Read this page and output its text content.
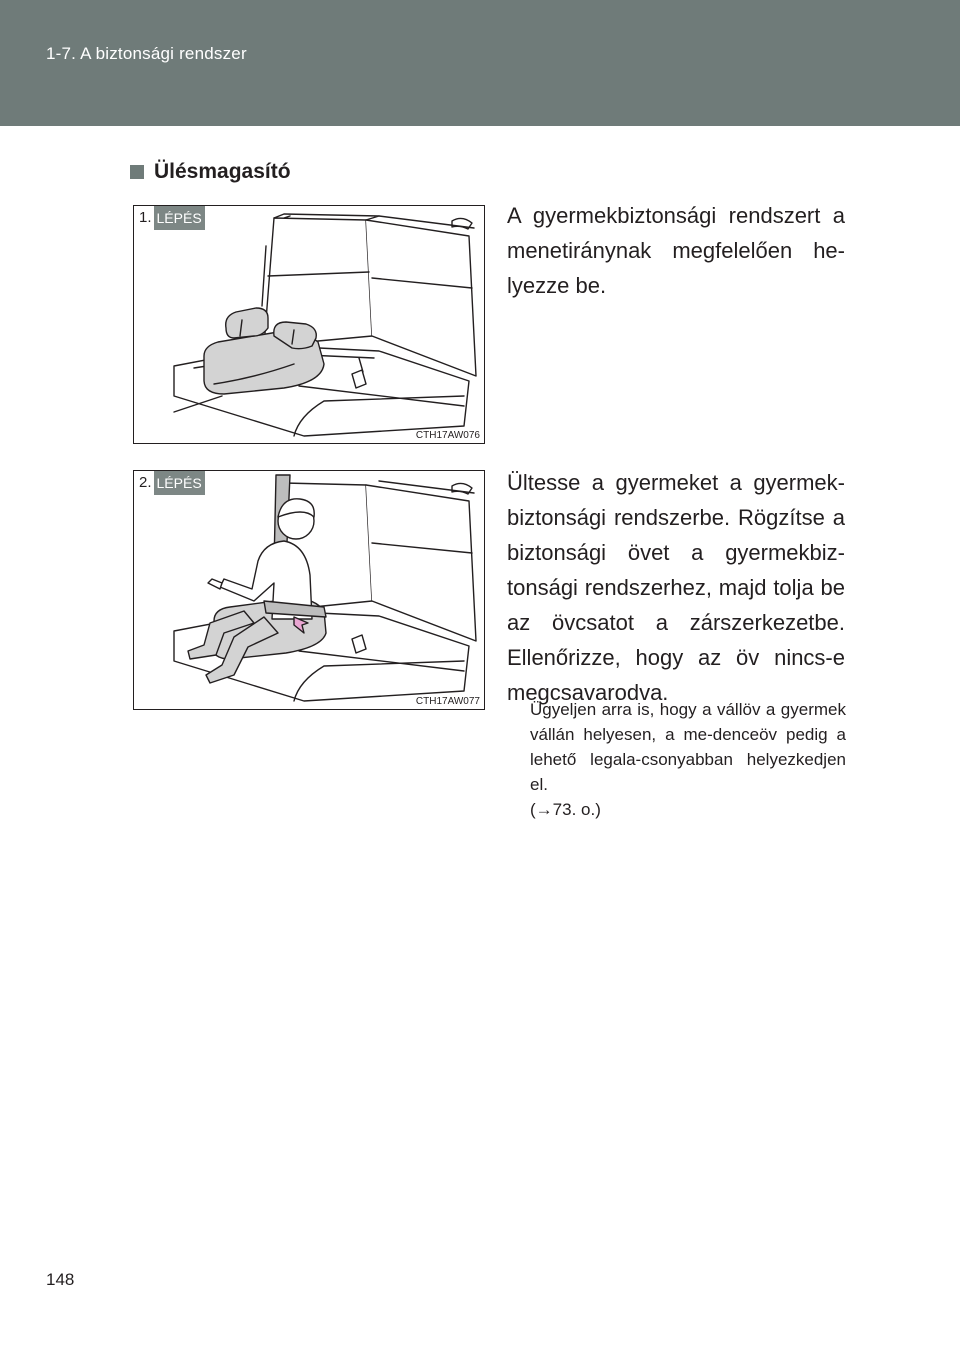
1-7. A biztonsági rendszer
Ülésmagasító
1. LÉPÉS
CTH17AW076
A gyermekbiztonsági rendszert a menetiránynak megfelelően he-lyezze be.
2. LÉPÉS
CTH17AW077
Ültesse a gyermeket a gyermek-biztonsági rendszerbe. Rögzítse a biztonsági övet a gyermekbiz-tonsági rendszerhez, majd tolja be az övcsatot a zárszerkezetbe. Ellenőrizze, hogy az öv nincs-e megcsavarodva.
Ügyeljen arra is, hogy a vállöv a gyermek vállán helyesen, a me-denceöv pedig a lehető legala-csonyabban helyezkedjen el.
(→73. o.)
148
